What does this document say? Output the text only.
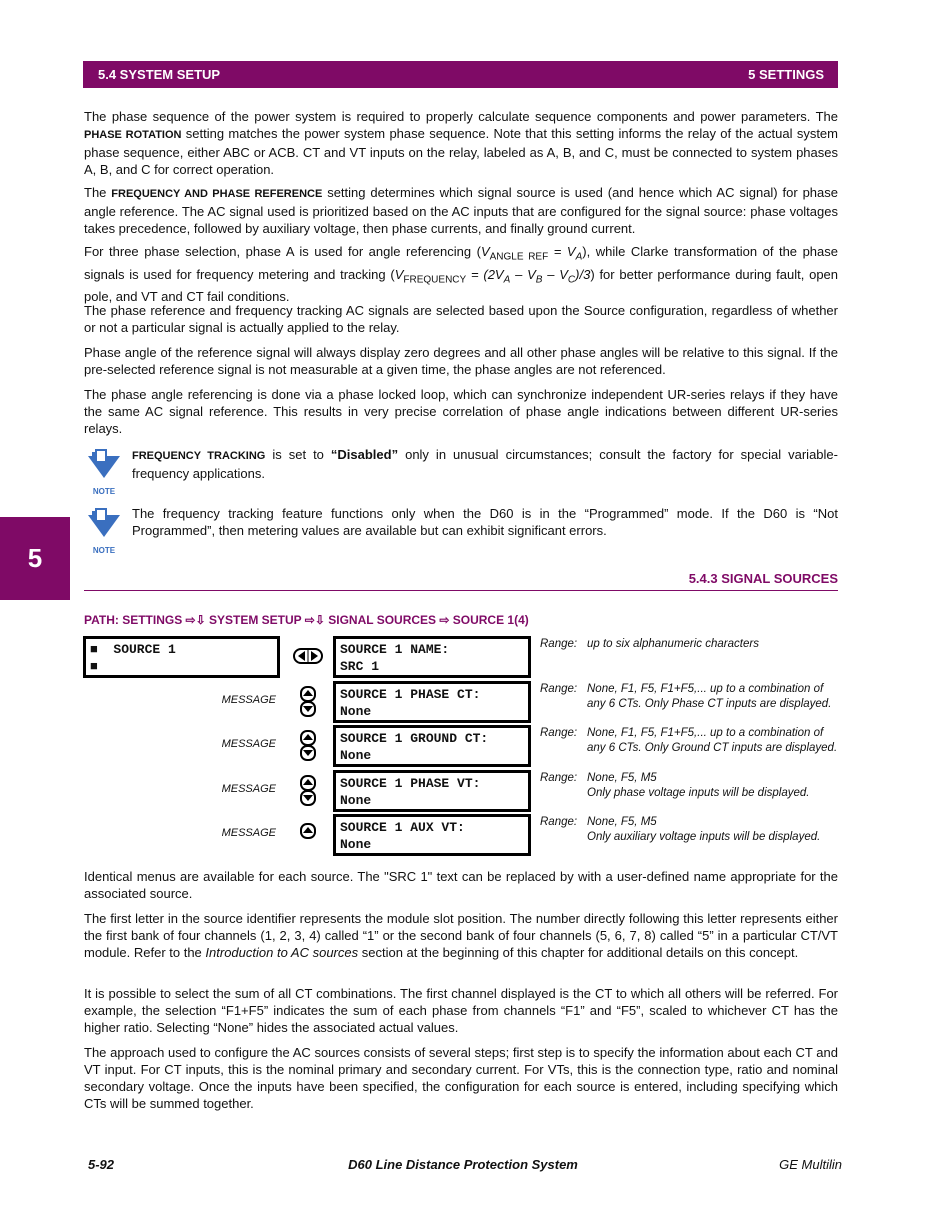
5.4 SYSTEM SETUP	5 SETTINGS
5

The phase sequence of the power system is required to properly calculate sequence components and power parameters. The PHASE ROTATION setting matches the power system phase sequence. Note that this setting informs the relay of the actual system phase sequence, either ABC or ACB. CT and VT inputs on the relay, labeled as A, B, and C, must be connected to system phases A, B, and C for correct operation.

The FREQUENCY AND PHASE REFERENCE setting determines which signal source is used (and hence which AC signal) for phase angle reference. The AC signal used is prioritized based on the AC inputs that are configured for the signal source: phase voltages takes precedence, followed by auxiliary voltage, then phase currents, and finally ground current.

For three phase selection, phase A is used for angle referencing $(V_{ANGLE REF} = V_A)$, while Clarke transformation of the phase signals is used for frequency metering and tracking $(V_{FREQUENCY} = (2V_A - V_B - V_C)/3)$ for better performance during fault, open pole, and VT and CT fail conditions.

The phase reference and frequency tracking AC signals are selected based upon the Source configuration, regardless of whether or not a particular signal is actually applied to the relay.

Phase angle of the reference signal will always display zero degrees and all other phase angles will be relative to this signal. If the pre-selected reference signal is not measurable at a given time, the phase angles are not referenced.

The phase angle referencing is done via a phase locked loop, which can synchronize independent UR-series relays if they have the same AC signal reference. This results in very precise correlation of phase angle indications between different UR-series relays.

NOTE
FREQUENCY TRACKING is set to “Disabled” only in unusual circumstances; consult the factory for special variable-frequency applications.
NOTE
The frequency tracking feature functions only when the D60 is in the “Programmed” mode. If the D60 is “Not Programmed”, then metering values are available but can exhibit significant errors.
5.4.3 SIGNAL SOURCES
PATH: SETTINGS ⇨⇩ SYSTEM SETUP ⇨⇩ SIGNAL SOURCES ⇨ SOURCE 1(4)
■  SOURCE 1
■
SOURCE 1 NAME:
SRC 1
Range: up to six alphanumeric characters
SOURCE 1 PHASE CT:
None
Range: None, F1, F5, F1+F5,... up to a combination of
any 6 CTs. Only Phase CT inputs are displayed.
MESSAGE
SOURCE 1 GROUND CT:
None
Range: None, F1, F5, F1+F5,... up to a combination of
any 6 CTs. Only Ground CT inputs are displayed.
MESSAGE
SOURCE 1 PHASE VT:
None
Range: None, F5, M5
Only phase voltage inputs will be displayed.
MESSAGE
SOURCE 1 AUX VT:
None
Range: None, F5, M5
Only auxiliary voltage inputs will be displayed.
MESSAGE

Identical menus are available for each source. The "SRC 1" text can be replaced by with a user-defined name appropriate for the associated source.

The first letter in the source identifier represents the module slot position. The number directly following this letter represents either the first bank of four channels (1, 2, 3, 4) called “1” or the second bank of four channels (5, 6, 7, 8) called “5” in a particular CT/VT module. Refer to the Introduction to AC sources section at the beginning of this chapter for additional details on this concept.

It is possible to select the sum of all CT combinations. The first channel displayed is the CT to which all others will be referred. For example, the selection “F1+F5” indicates the sum of each phase from channels “F1” and “F5”, scaled to whichever CT has the higher ratio. Selecting “None” hides the associated actual values.

The approach used to configure the AC sources consists of several steps; first step is to specify the information about each CT and VT input. For CT inputs, this is the nominal primary and secondary current. For VTs, this is the connection type, ratio and nominal secondary voltage. Once the inputs have been specified, the configuration for each source is entered, including specifying which CTs will be summed together.

5-92	D60 Line Distance Protection System	GE Multilin
